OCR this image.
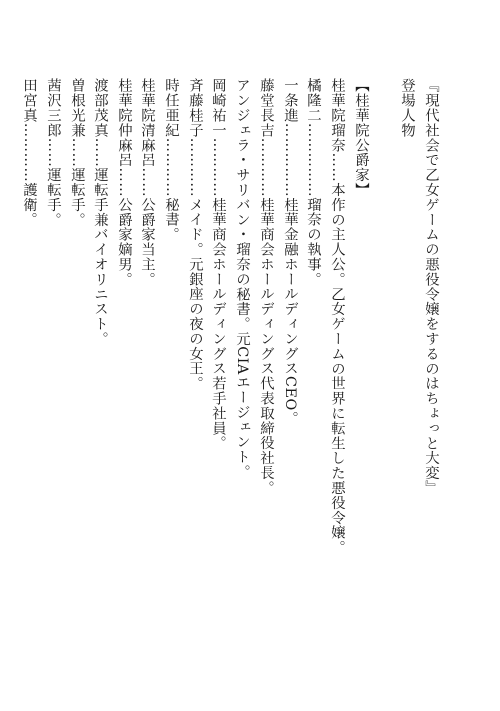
『現代社会で乙女ゲームの悪役令嬢をするのはちょっと大変』
登場人物
【桂華院公爵家】
桂華院瑠奈……本作の主人公。乙女ゲームの世界に転生した悪役令嬢。
橘隆二……………瑠奈の執事。
一条進……………桂華金融ホールディングスCEO。
藤堂長吉…………桂華商会ホールディングス代表取締役社長。
アンジェラ・サリバン・瑠奈の秘書。元CIAエージェント。
岡崎祐一…………桂華商会ホールディングス若手社員。
斉藤桂子…………メイド。元銀座の夜の女王。
時任亜紀…………秘書。
桂華院清麻呂……公爵家当主。
桂華院仲麻呂……公爵家嫡男。
渡部茂真……運転手兼バイオリニスト。
曽根光兼……運転手。
茜沢三郎……運転手。
田宮真…………護衛。
